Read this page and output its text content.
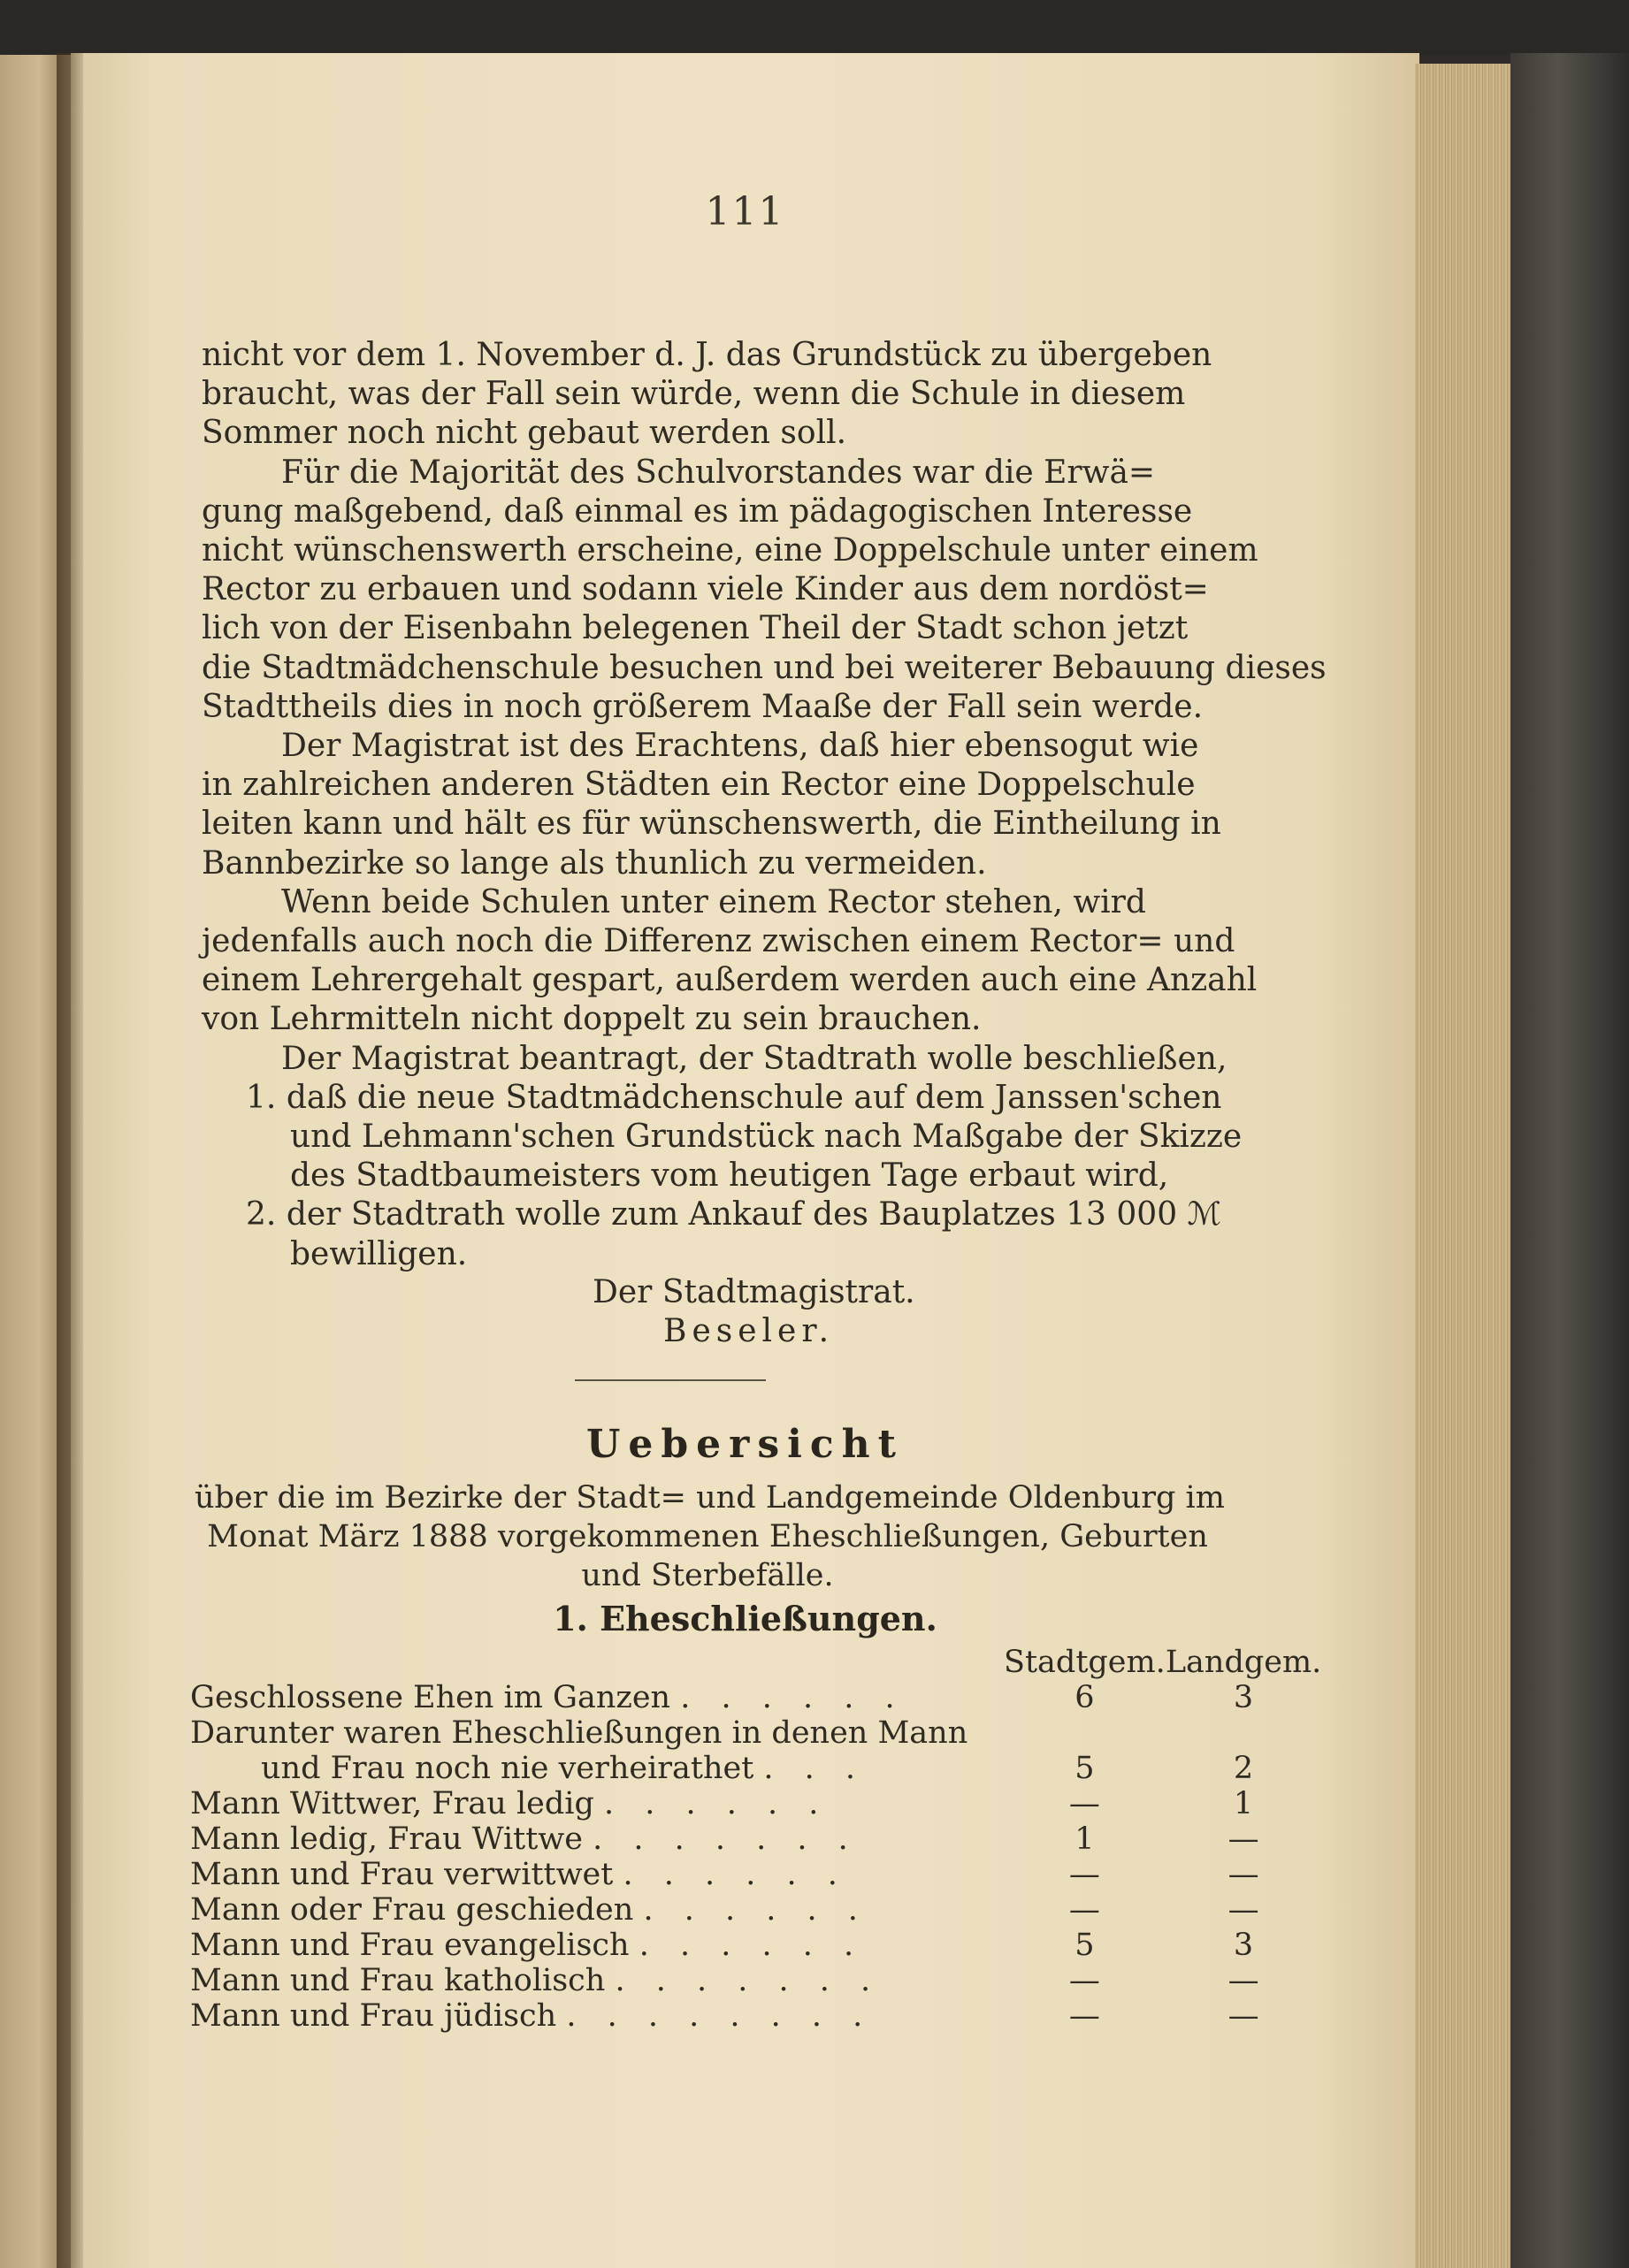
111
nicht vor dem 1. November d. J. das Grundstück zu übergeben
braucht, was der Fall sein würde, wenn die Schule in diesem
Sommer noch nicht gebaut werden soll.
Für die Majorität des Schulvorstandes war die Erwä=
gung maßgebend, daß einmal es im pädagogischen Interesse
nicht wünschenswerth erscheine, eine Doppelschule unter einem
Rector zu erbauen und sodann viele Kinder aus dem nordöst=
lich von der Eisenbahn belegenen Theil der Stadt schon jetzt
die Stadtmädchenschule besuchen und bei weiterer Bebauung dieses
Stadttheils dies in noch größerem Maaße der Fall sein werde.
Der Magistrat ist des Erachtens, daß hier ebensogut wie
in zahlreichen anderen Städten ein Rector eine Doppelschule
leiten kann und hält es für wünschenswerth, die Eintheilung in
Bannbezirke so lange als thunlich zu vermeiden.
Wenn beide Schulen unter einem Rector stehen, wird
jedenfalls auch noch die Differenz zwischen einem Rector= und
einem Lehrergehalt gespart, außerdem werden auch eine Anzahl
von Lehrmitteln nicht doppelt zu sein brauchen.
Der Magistrat beantragt, der Stadtrath wolle beschließen,
1. daß die neue Stadtmädchenschule auf dem Janssen'schen
und Lehmann'schen Grundstück nach Maßgabe der Skizze
des Stadtbaumeisters vom heutigen Tage erbaut wird,
2. der Stadtrath wolle zum Ankauf des Bauplatzes 13 000 ℳ
bewilligen.
Der Stadtmagistrat.
Beseler.
Uebersicht
über die im Bezirke der Stadt= und Landgemeinde Oldenburg im
Monat März 1888 vorgekommenen Eheschließungen, Geburten
und Sterbefälle.
1. Eheschließungen.
	Stadtgem.	Landgem.
Geschlossene Ehen im Ganzen . . . . . .	6	3
Darunter waren Eheschließungen in denen Mann		
und Frau noch nie verheirathet . . .	5	2
Mann Wittwer, Frau ledig . . . . . .	—	1
Mann ledig, Frau Wittwe . . . . . . .	1	—
Mann und Frau verwittwet . . . . . .	—	—
Mann oder Frau geschieden . . . . . .	—	—
Mann und Frau evangelisch . . . . . .	5	3
Mann und Frau katholisch . . . . . . .	—	—
Mann und Frau jüdisch . . . . . . . .	—	—
